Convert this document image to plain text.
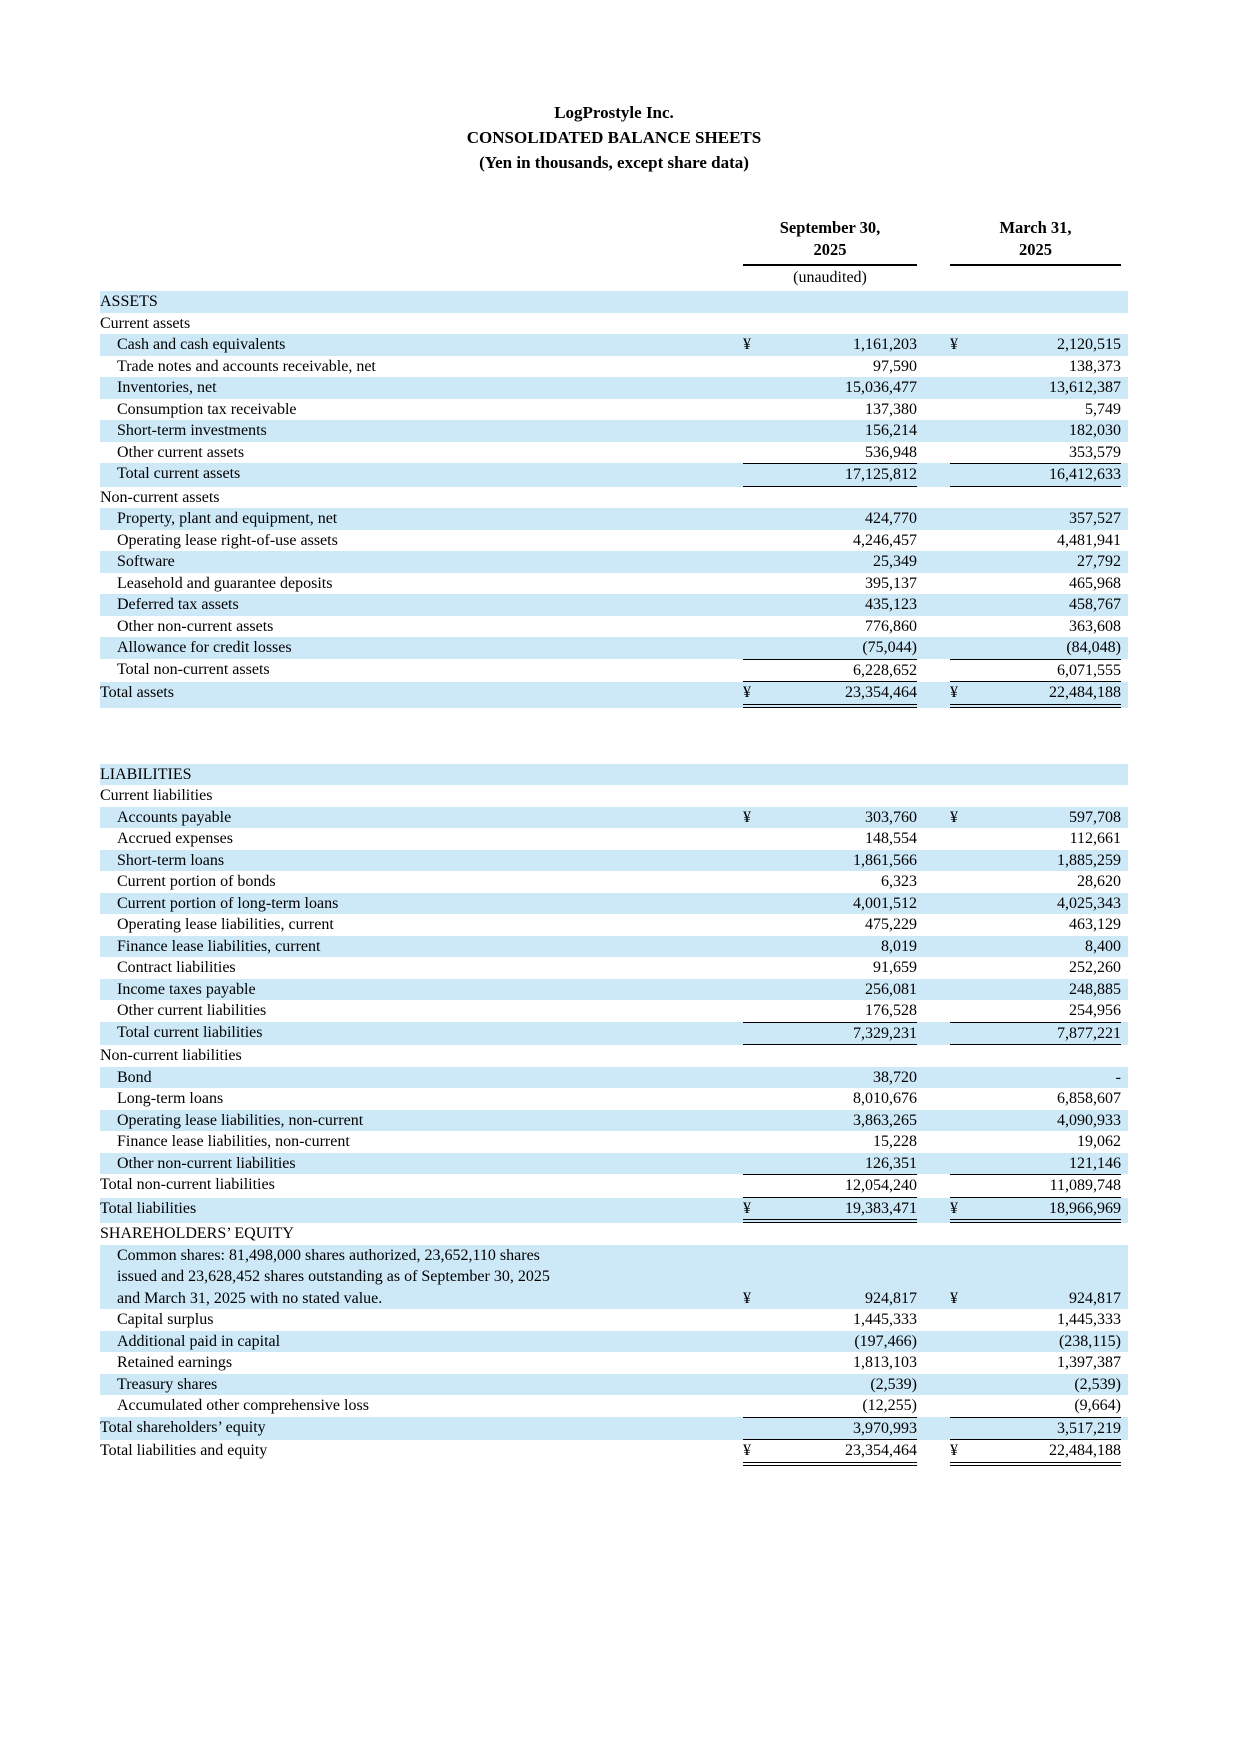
LogProstyle Inc.
CONSOLIDATED BALANCE SHEETS
(Yen in thousands, except share data)
September 30,
2025
March 31,
2025
(unaudited)
ASSETS
Current assets
Cash and cash equivalents	¥	1,161,203 ¥	2,120,515
Trade notes and accounts receivable, net	97,590	138,373
Inventories, net	15,036,477	13,612,387
Consumption tax receivable	137,380	5,749
Short-term investments	156,214	182,030
Other current assets	536,948	353,579
Total current assets	17,125,812	16,412,633
Non-current assets
Property, plant and equipment, net	424,770	357,527
Operating lease right-of-use assets	4,246,457	4,481,941
Software	25,349	27,792
Leasehold and guarantee deposits	395,137	465,968
Deferred tax assets	435,123	458,767
Other non-current assets	776,860	363,608
Allowance for credit losses	(75,044)	(84,048)
Total non-current assets	6,228,652	6,071,555
Total assets	¥	23,354,464 ¥	22,484,188
LIABILITIES
Current liabilities
Accounts payable	¥	303,760 ¥	597,708
Accrued expenses	148,554	112,661
Short-term loans	1,861,566	1,885,259
Current portion of bonds	6,323	28,620
Current portion of long-term loans	4,001,512	4,025,343
Operating lease liabilities, current	475,229	463,129
Finance lease liabilities, current	8,019	8,400
Contract liabilities	91,659	252,260
Income taxes payable	256,081	248,885
Other current liabilities	176,528	254,956
Total current liabilities	7,329,231	7,877,221
Non-current liabilities
Bond	38,720	-
Long-term loans	8,010,676	6,858,607
Operating lease liabilities, non-current	3,863,265	4,090,933
Finance lease liabilities, non-current	15,228	19,062
Other non-current liabilities	126,351	121,146
Total non-current liabilities	12,054,240	11,089,748
Total liabilities	¥	19,383,471 ¥	18,966,969
SHAREHOLDERS’ EQUITY
Common shares: 81,498,000 shares authorized, 23,652,110 shares
issued and 23,628,452 shares outstanding as of September 30, 2025
and March 31, 2025 with no stated value.	¥	924,817 ¥	924,817
Capital surplus	1,445,333	1,445,333
Additional paid in capital	(197,466)	(238,115)
Retained earnings	1,813,103	1,397,387
Treasury shares	(2,539)	(2,539)
Accumulated other comprehensive loss	(12,255)	(9,664)
Total shareholders’ equity	3,970,993	3,517,219
Total liabilities and equity	¥	23,354,464 ¥	22,484,188
